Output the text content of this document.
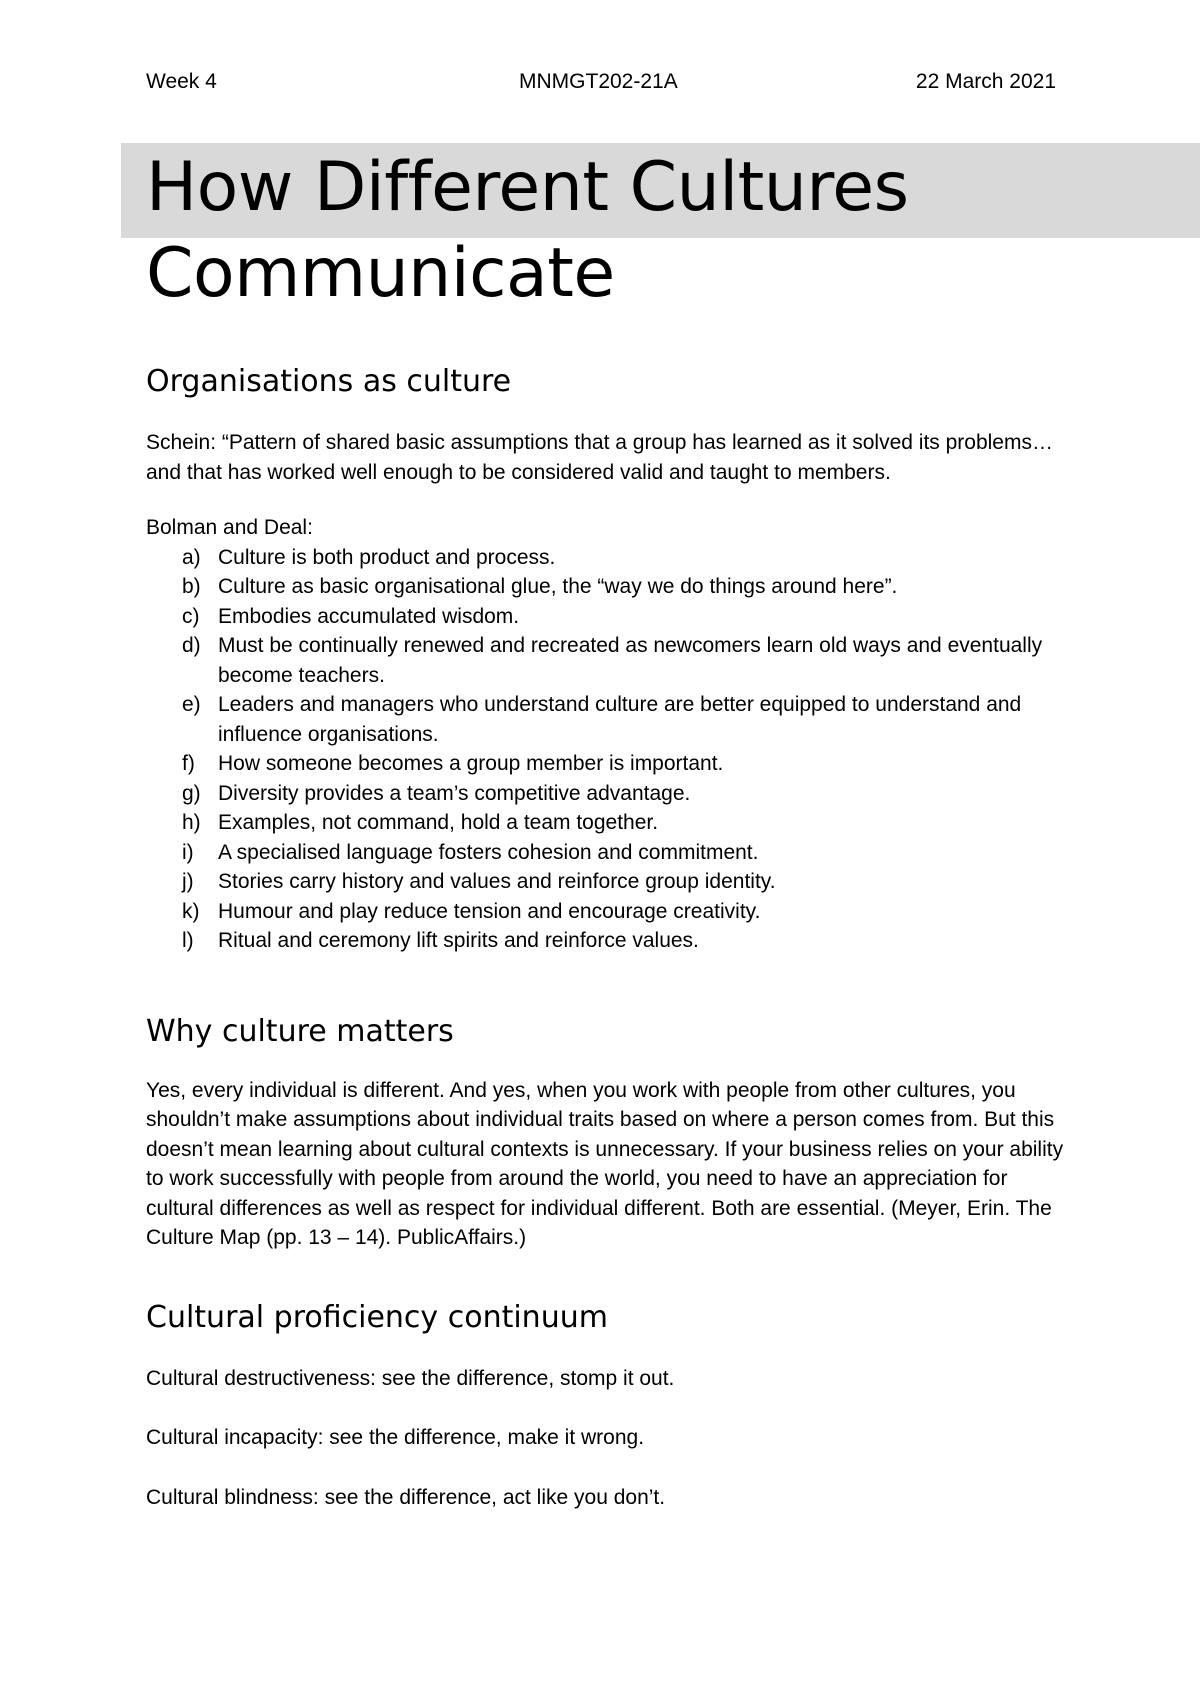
Week 4	MNMGT202-21A	22 March 2021
How Different Cultures Communicate
Organisations as culture

Schein: “Pattern of shared basic assumptions that a group has learned as it solved its problems… and that has worked well enough to be considered valid and taught to members.

Bolman and Deal:

a) Culture is both product and process.
b) Culture as basic organisational glue, the “way we do things around here”.
c) Embodies accumulated wisdom.
d) Must be continually renewed and recreated as newcomers learn old ways and eventually become teachers.
e) Leaders and managers who understand culture are better equipped to understand and influence organisations.
f) How someone becomes a group member is important.
g) Diversity provides a team’s competitive advantage.
h) Examples, not command, hold a team together.
i) A specialised language fosters cohesion and commitment.
j) Stories carry history and values and reinforce group identity.
k) Humour and play reduce tension and encourage creativity.
l) Ritual and ceremony lift spirits and reinforce values.
Why culture matters

Yes, every individual is different. And yes, when you work with people from other cultures, you shouldn’t make assumptions about individual traits based on where a person comes from. But this doesn’t mean learning about cultural contexts is unnecessary. If your business relies on your ability to work successfully with people from around the world, you need to have an appreciation for cultural differences as well as respect for individual different. Both are essential. (Meyer, Erin. The Culture Map (pp. 13 – 14). PublicAffairs.)

Cultural proficiency continuum

Cultural destructiveness: see the difference, stomp it out.

Cultural incapacity: see the difference, make it wrong.

Cultural blindness: see the difference, act like you don’t.
